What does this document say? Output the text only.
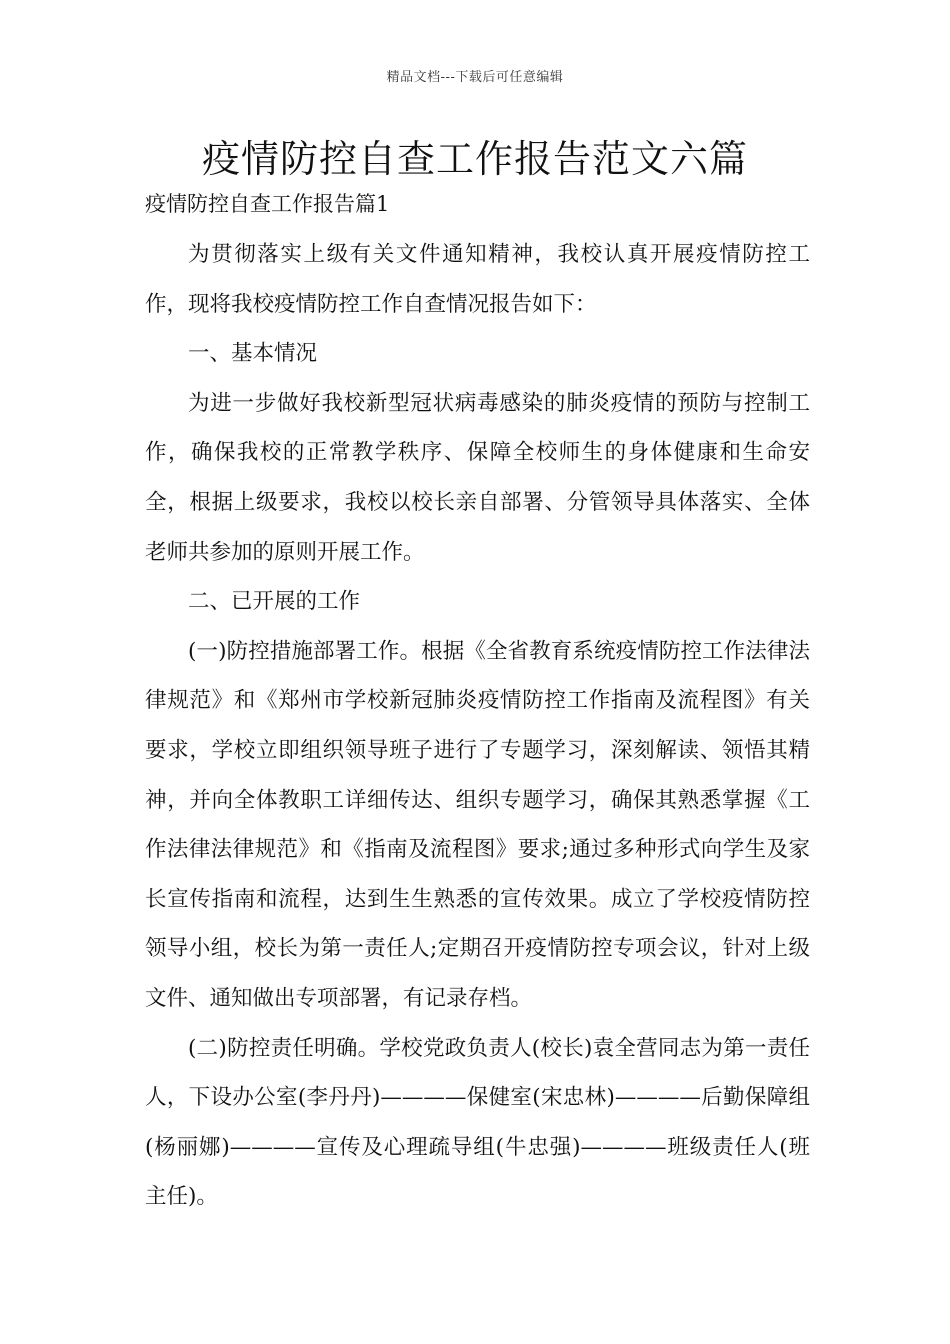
精品文档---下载后可任意编辑
疫情防控自查工作报告范文六篇
疫情防控自查工作报告篇1

为贯彻落实上级有关文件通知精神，我校认真开展疫情防控工作，现将我校疫情防控工作自查情况报告如下：

一、基本情况

为进一步做好我校新型冠状病毒感染的肺炎疫情的预防与控制工作，确保我校的正常教学秩序、保障全校师生的身体健康和生命安全，根据上级要求，我校以校长亲自部署、分管领导具体落实、全体老师共参加的原则开展工作。

二、已开展的工作

(一)防控措施部署工作。根据《全省教育系统疫情防控工作法律法律规范》和《郑州市学校新冠肺炎疫情防控工作指南及流程图》有关要求，学校立即组织领导班子进行了专题学习，深刻解读、领悟其精神，并向全体教职工详细传达、组织专题学习，确保其熟悉掌握《工作法律法律规范》和《指南及流程图》要求;通过多种形式向学生及家长宣传指南和流程，达到生生熟悉的宣传效果。成立了学校疫情防控领导小组，校长为第一责任人;定期召开疫情防控专项会议，针对上级文件、通知做出专项部署，有记录存档。

(二)防控责任明确。学校党政负责人(校长)袁全营同志为第一责任人，下设办公室(李丹丹)————保健室(宋忠林)————后勤保障组(杨丽娜)————宣传及心理疏导组(牛忠强)————班级责任人(班主任)。
